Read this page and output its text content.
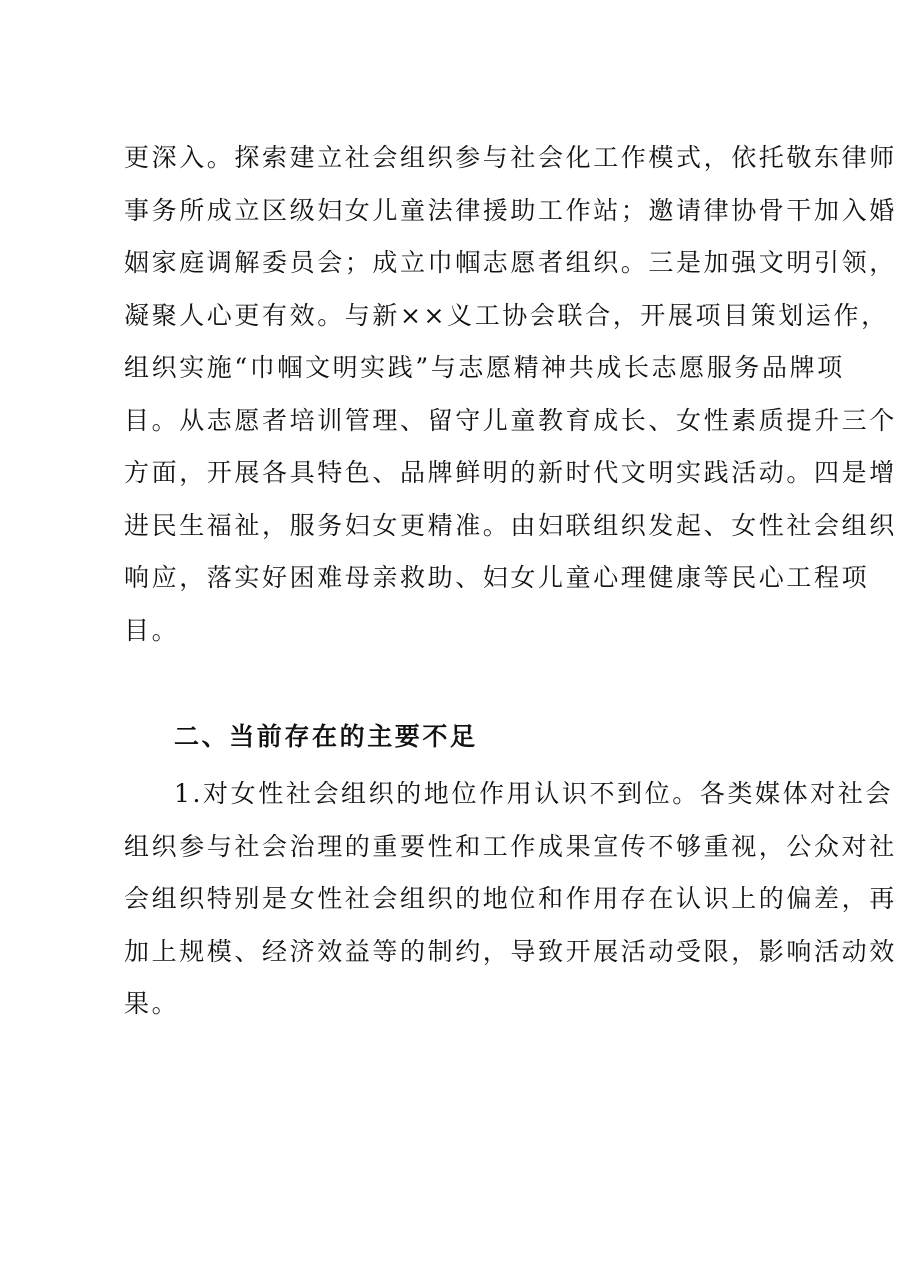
更深入。探索建立社会组织参与社会化工作模式，依托敬东律师
事务所成立区级妇女儿童法律援助工作站；邀请律协骨干加入婚
姻家庭调解委员会；成立巾帼志愿者组织。三是加强文明引领，
凝聚人心更有效。与新××义工协会联合，开展项目策划运作，
组织实施“巾帼文明实践”与志愿精神共成长志愿服务品牌项
目。从志愿者培训管理、留守儿童教育成长、女性素质提升三个
方面，开展各具特色、品牌鲜明的新时代文明实践活动。四是增
进民生福祉，服务妇女更精准。由妇联组织发起、女性社会组织
响应，落实好困难母亲救助、妇女儿童心理健康等民心工程项
目。
二、当前存在的主要不足
1.对女性社会组织的地位作用认识不到位。各类媒体对社会
组织参与社会治理的重要性和工作成果宣传不够重视，公众对社
会组织特别是女性社会组织的地位和作用存在认识上的偏差，再
加上规模、经济效益等的制约，导致开展活动受限，影响活动效
果。
